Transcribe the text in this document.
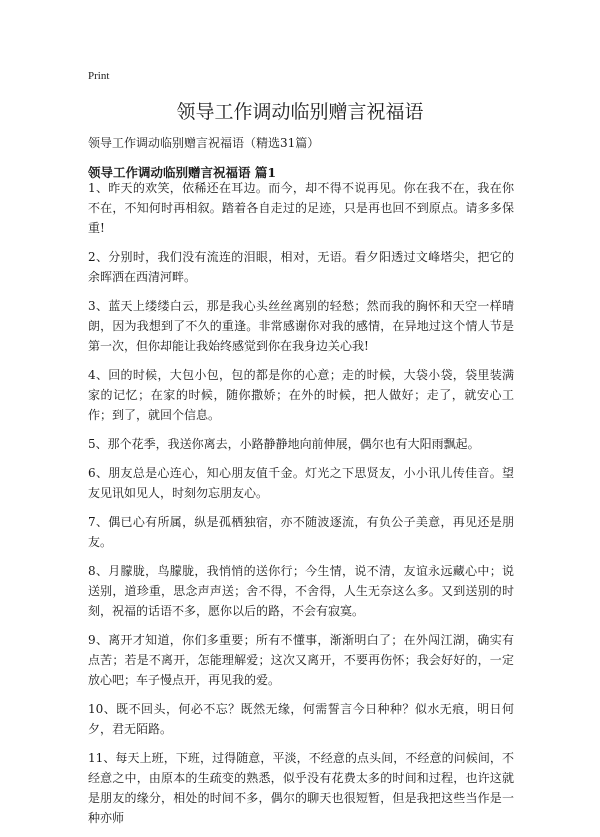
Print
领导工作调动临别赠言祝福语
领导工作调动临别赠言祝福语（精选31篇）
领导工作调动临别赠言祝福语 篇1

1、昨天的欢笑，依稀还在耳边。而今，却不得不说再见。你在我不在，我在你不在，不知何时再相叙。踏着各自走过的足迹，只是再也回不到原点。请多多保重!

2、分别时，我们没有流连的泪眼，相对，无语。看夕阳透过文峰塔尖，把它的余晖洒在西清河畔。

3、蓝天上缕缕白云，那是我心头丝丝离别的轻愁；然而我的胸怀和天空一样晴朗，因为我想到了不久的重逢。非常感谢你对我的感情，在异地过这个情人节是第一次，但你却能让我始终感觉到你在我身边关心我!

4、回的时候，大包小包，包的都是你的心意；走的时候，大袋小袋，袋里装满家的记忆；在家的时候，随你撒娇；在外的时候，把人做好；走了，就安心工作；到了，就回个信息。

5、那个花季，我送你离去，小路静静地向前伸展，偶尔也有大阳雨飘起。

6、朋友总是心连心，知心朋友值千金。灯光之下思贤友，小小讯儿传佳音。望友见讯如见人，时刻勿忘朋友心。

7、偶已心有所属，纵是孤栖独宿，亦不随波逐流，有负公子美意，再见还是朋友。

8、月朦胧，鸟朦胧，我悄悄的送你行；今生情，说不清，友谊永远藏心中；说送别，道珍重，思念声声送；舍不得，不舍得，人生无奈这么多。又到送别的时刻，祝福的话语不多，愿你以后的路，不会有寂寞。

9、离开才知道，你们多重要；所有不懂事，渐渐明白了；在外闯江湖，确实有点苦；若是不离开，怎能理解爱；这次又离开，不要再伤怀；我会好好的，一定放心吧；车子慢点开，再见我的爱。

10、既不回头，何必不忘？既然无缘，何需誓言今日种种？似水无痕，明日何夕，君无陌路。

11、每天上班，下班，过得随意，平淡，不经意的点头间，不经意的问候间，不经意之中，由原本的生疏变的熟悉，似乎没有花费太多的时间和过程，也许这就是朋友的缘分，相处的时间不多，偶尔的聊天也很短暂，但是我把这些当作是一种亦师
